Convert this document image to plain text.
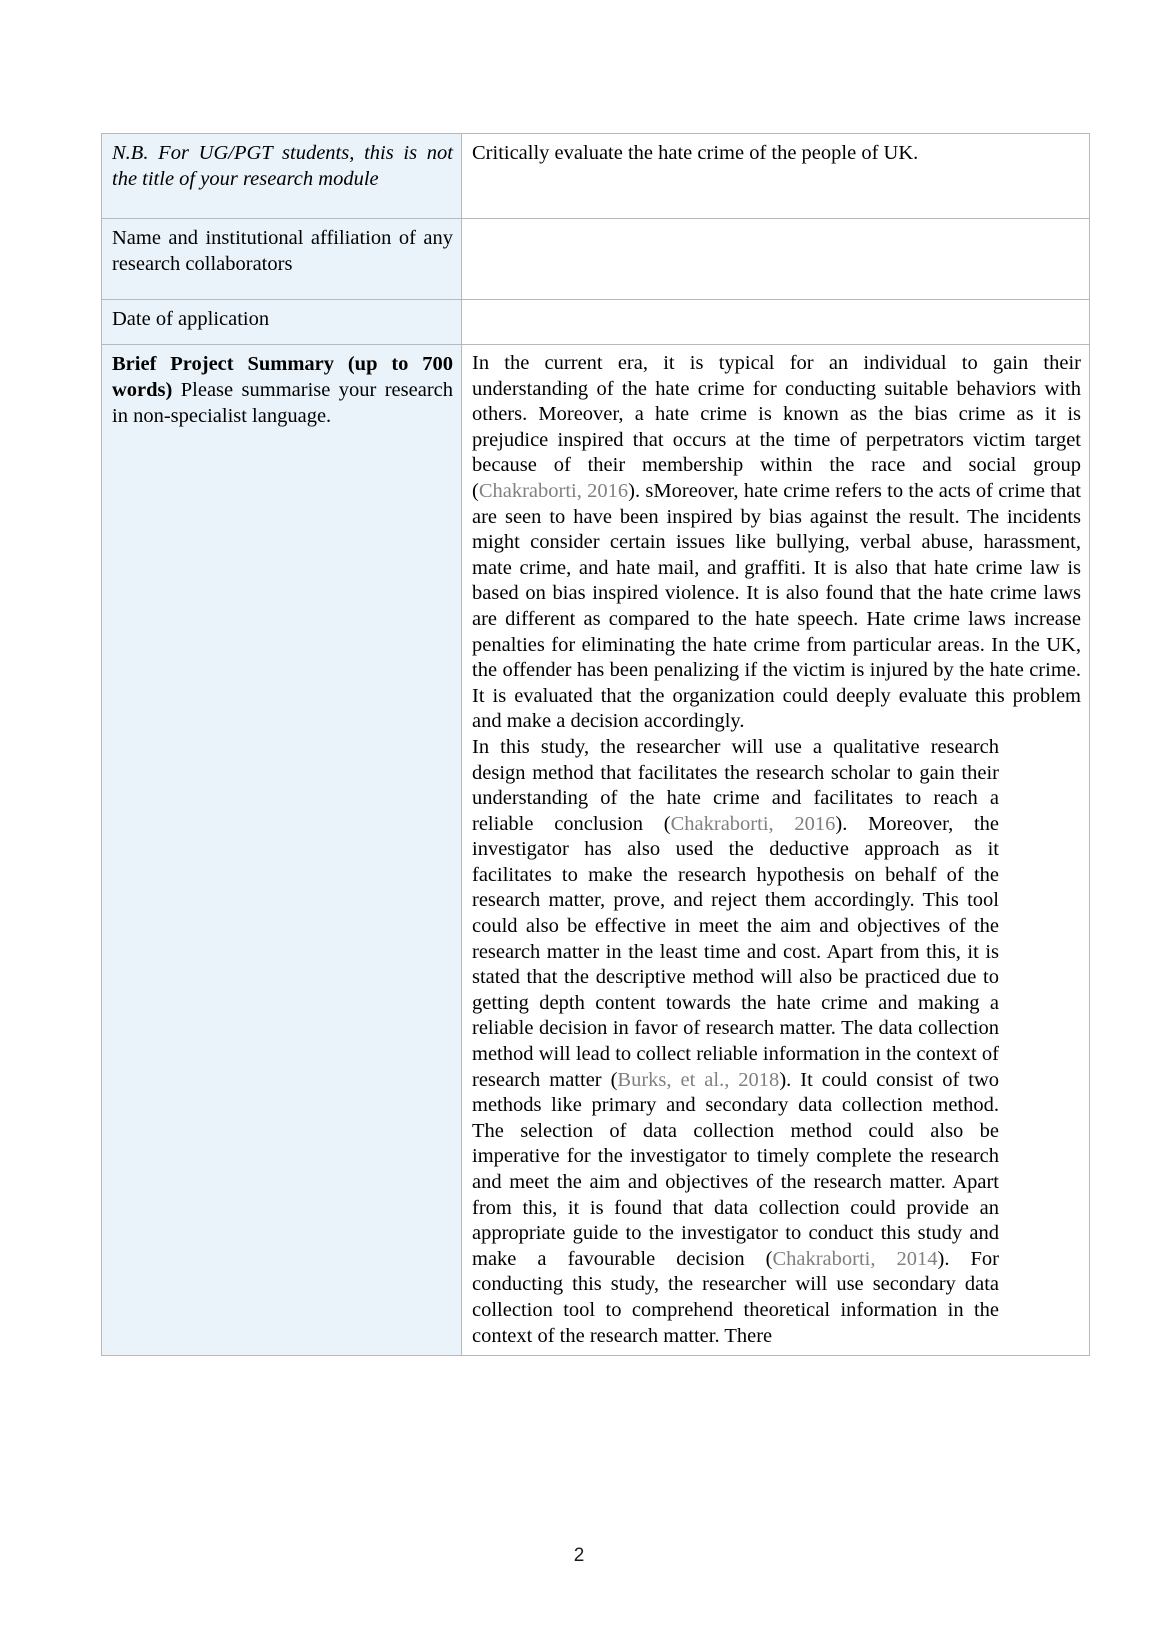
N.B. For UG/PGT students, this is not the title of your research module	Critically evaluate the hate crime of the people of UK.

Name and institutional affiliation of any research collaborators	

Date of application	

Brief Project Summary (up to 700 words) Please summarise your research in non-specialist language.	In the current era, it is typical for an individual to gain their understanding of the hate crime for conducting suitable behaviors with others. Moreover, a hate crime is known as the bias crime as it is prejudice inspired that occurs at the time of perpetrators victim target because of their membership within the race and social group (Chakraborti, 2016). sMoreover, hate crime refers to the acts of crime that are seen to have been inspired by bias against the result. The incidents might consider certain issues like bullying, verbal abuse, harassment, mate crime, and hate mail, and graffiti. It is also that hate crime law is based on bias inspired violence. It is also found that the hate crime laws are different as compared to the hate speech. Hate crime laws increase penalties for eliminating the hate crime from particular areas. In the UK, the offender has been penalizing if the victim is injured by the hate crime. It is evaluated that the organization could deeply evaluate this problem and make a decision accordingly.

In this study, the researcher will use a qualitative research design method that facilitates the research scholar to gain their understanding of the hate crime and facilitates to reach a reliable conclusion (Chakraborti, 2016). Moreover, the investigator has also used the deductive approach as it facilitates to make the research hypothesis on behalf of the research matter, prove, and reject them accordingly. This tool could also be effective in meet the aim and objectives of the research matter in the least time and cost. Apart from this, it is stated that the descriptive method will also be practiced due to getting depth content towards the hate crime and making a reliable decision in favor of research matter. The data collection method will lead to collect reliable information in the context of research matter (Burks, et al., 2018). It could consist of two methods like primary and secondary data collection method. The selection of data collection method could also be imperative for the investigator to timely complete the research and meet the aim and objectives of the research matter. Apart from this, it is found that data collection could provide an appropriate guide to the investigator to conduct this study and make a favourable decision (Chakraborti, 2014). For conducting this study, the researcher will use secondary data collection tool to comprehend theoretical information in the context of the research matter. There

2
